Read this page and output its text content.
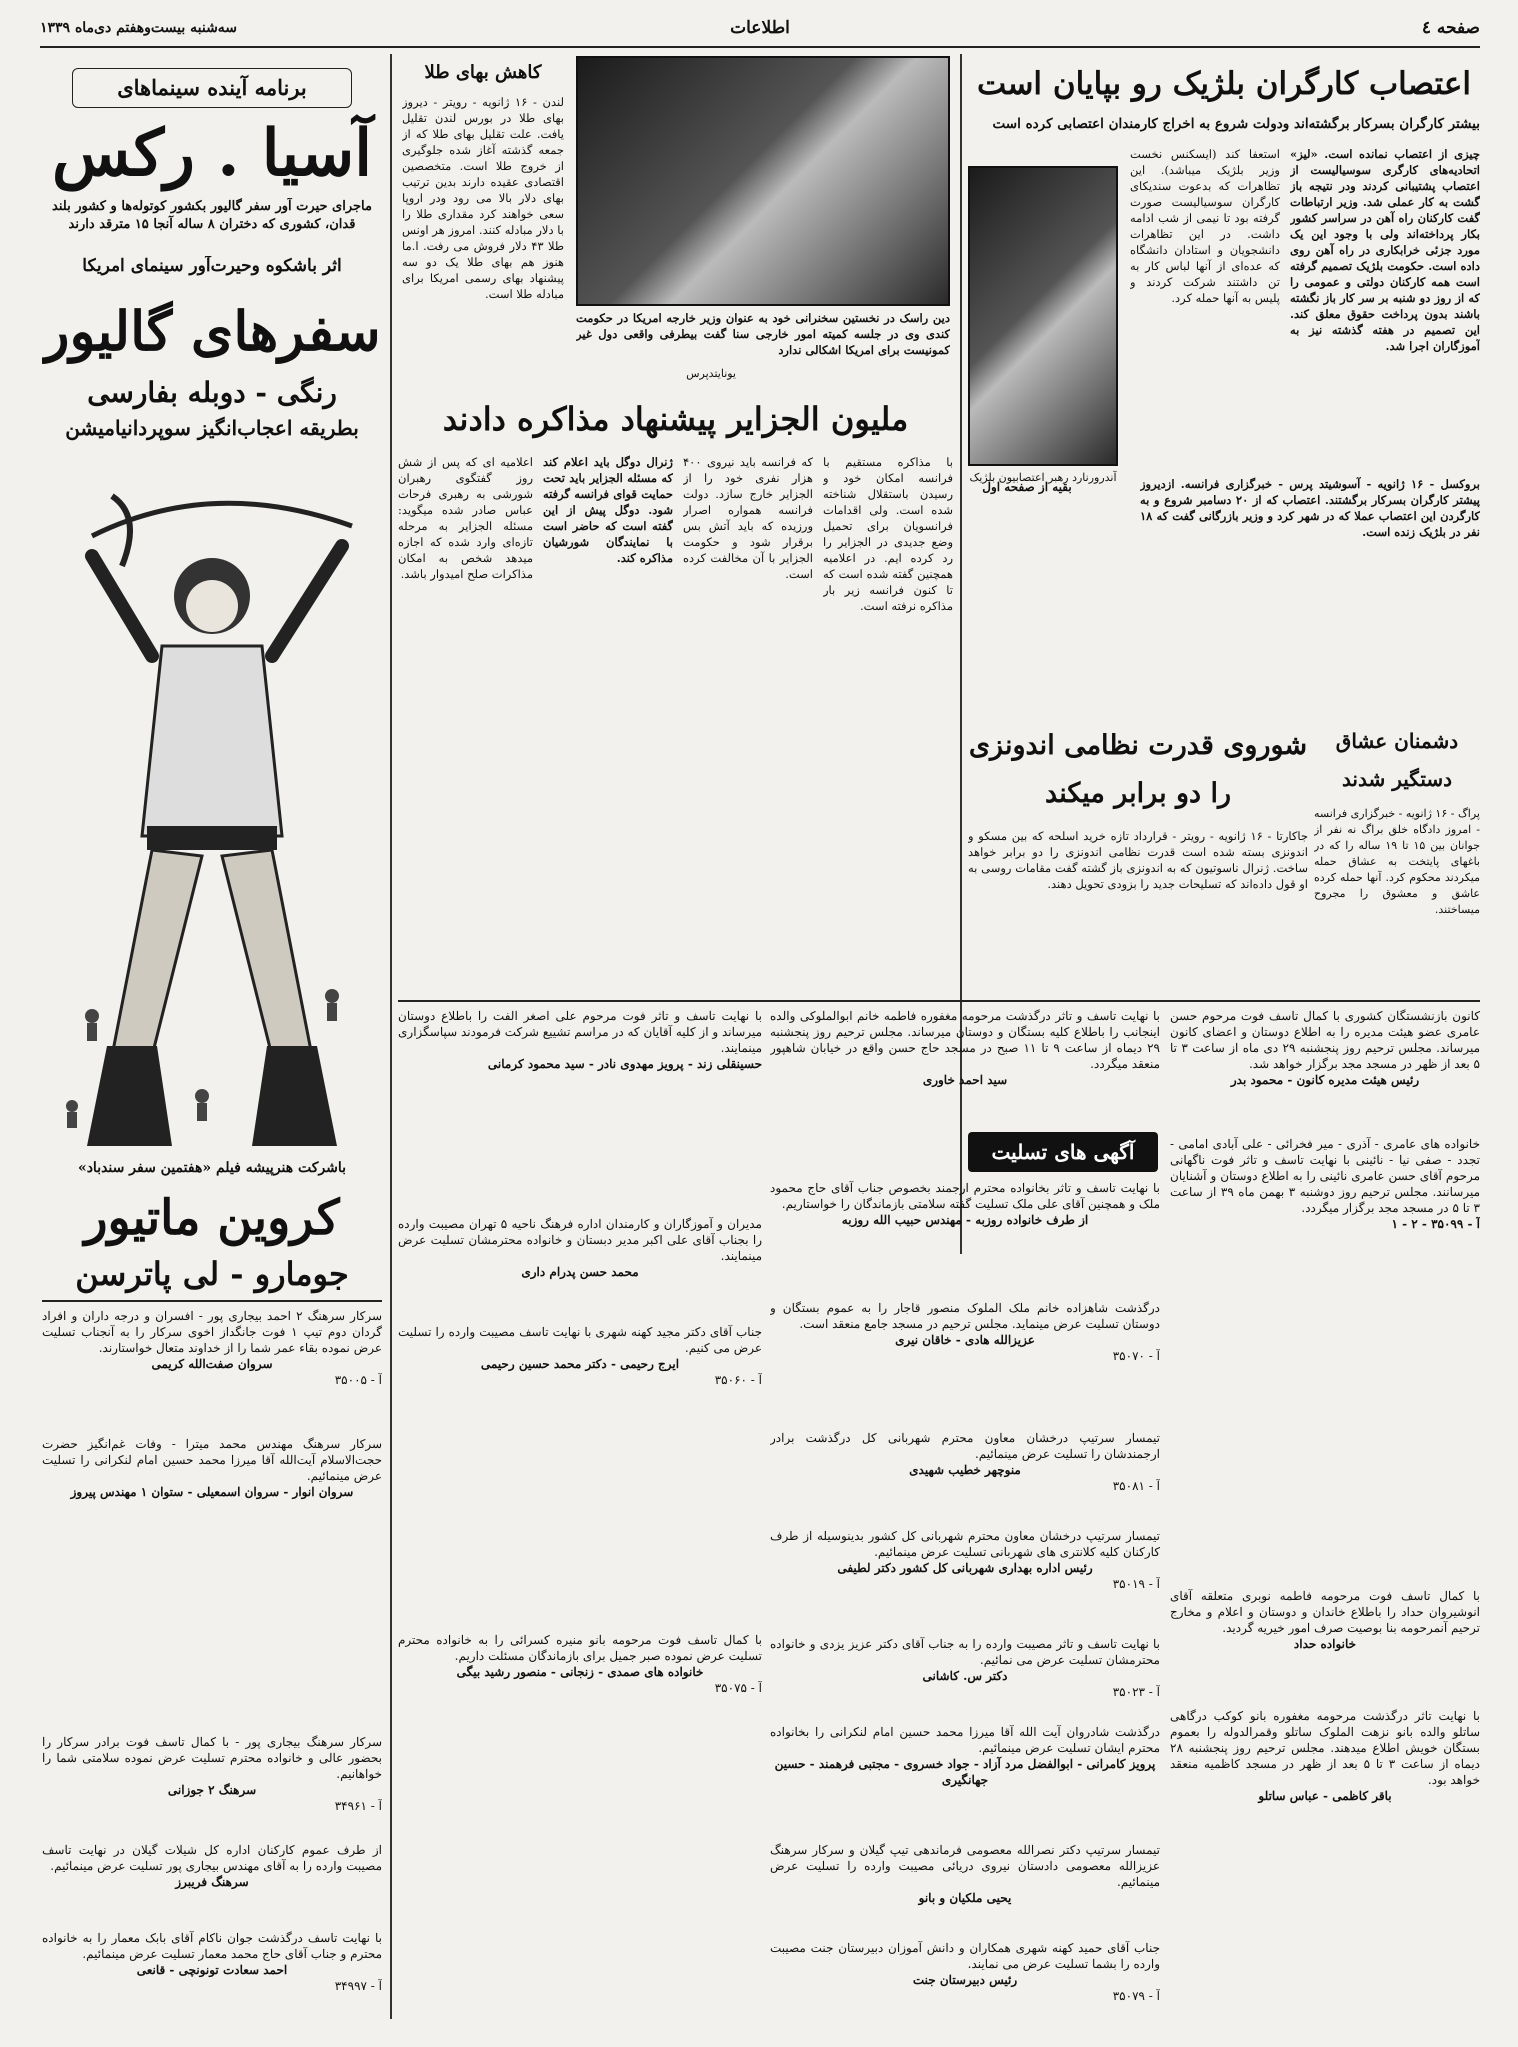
صفحه ٤
اطلاعات
سه‌شنبه بیست‌وهفتم دی‌ماه ۱۳۳۹
برنامه آینده سینماهای
آسیا . رکس
ماجرای حیرت آور سفر گالیور بکشور کوتوله‌ها و کشور بلند قدان، کشوری که دختران ۸ ساله آنجا ۱۵ مترقد دارند
اثر باشکوه وحیرت‌آور سینمای امریکا
سفرهای گالیور
رنگی - دوبله بفارسی
بطریقه اعجاب‌انگیز سوپردانیامیشن
باشرکت هنرپیشه فیلم «هفتمین سفر سندباد»
کروین ماتیور
جومارو - لی پاترسن
کاهش بهای طلا
لندن - ۱۶ ژانویه - رویتر - دیروز بهای طلا در بورس لندن تقلیل یافت. علت تقلیل بهای طلا که از جمعه گذشته آغاز شده جلوگیری از خروج طلا است. متخصصین اقتصادی عقیده دارند بدین ترتیب بهای دلار بالا می رود ودر اروپا سعی خواهند کرد مقداری طلا را با دلار مبادله کنند. امروز هر اونس طلا ۴۳ دلار فروش می رفت. ا.ما هنوز هم بهای طلا یک دو سه پیشنهاد بهای رسمی امریکا برای مبادله طلا است.
دین راسک در نخستین سخنرانی خود به عنوان وزیر خارجه امریکا در حکومت کندی وی در جلسه کمیته امور خارجی سنا گفت بیطرفی واقعی دول غیر کمونیست برای امریکا اشکالی ندارد
یونایتدپرس
اعتصاب کارگران بلژیک رو بپایان است
بیشتر کارگران بسرکار برگشته‌اند ودولت شروع به اخراج کارمندان اعتصابی کرده است
چیزی از اعتصاب نمانده است. «لیز» اتحادیه‌های کارگری سوسیالیست از اعتصاب پشتیبانی کردند ودر نتیجه باز گشت به کار عملی شد. وزیر ارتباطات گفت کارکنان راه آهن در سراسر کشور بکار پرداخته‌اند ولی با وجود این یک مورد جزئی خرابکاری در راه آهن روی داده است. حکومت بلژیک تصمیم گرفته است همه کارکنان دولتی و عمومی را که از روز دو شنبه بر سر کار باز نگشته باشند بدون پرداخت حقوق معلق کند. این تصمیم در هفته گذشته نیز به آموزگاران اجرا شد.
استعفا کند (ایسکنس نخست وزیر بلژیک میباشد). این تظاهرات که بدعوت سندیکای کارگران سوسیالیست صورت گرفته بود تا نیمی از شب ادامه داشت. در این تظاهرات دانشجویان و استادان دانشگاه که عده‌ای از آنها لباس کار به تن داشتند شرکت کردند و پلیس به آنها حمله کرد.
آندرورنارد رهبر اعتصابیون بلژیک بروکسل - ۱۶ ژانویه - آسوشیتد پرس - خبرگزاری فرانسه. ازدیروز پیشتر کارگران بسرکار برگشتند. اعتصاب که از ۲۰ دسامبر شروع و به کارگردن این اعتصاب عملا که در شهر کرد و وزیر بازرگانی گفت که ۱۸ نفر در بلژیک زنده است.
ملیون الجزایر پیشنهاد مذاکره دادند
با مذاکره مستقیم با فرانسه امکان خود و رسیدن باستقلال شناخته شده است. ولی اقدامات فرانسویان برای تحمیل وضع جدیدی در الجزایر را رد کرده ایم. در اعلامیه همچنین گفته شده است که تا کنون فرانسه زیر بار مذاکره نرفته است.
که فرانسه باید نیروی ۴۰۰ هزار نفری خود را از الجزایر خارج سازد. دولت فرانسه همواره اصرار ورزیده که باید آتش بس برقرار شود و حکومت الجزایر با آن مخالفت کرده است.
ژنرال دوگل باید اعلام کند که مسئله الجزایر باید تحت حمایت قوای فرانسه گرفته شود. دوگل پیش از این گفته است که حاضر است با نمایندگان شورشیان مذاکره کند.
اعلامیه ای که پس از شش روز گفتگوی رهبران شورشی به رهبری فرحات عباس صادر شده میگوید: مسئله الجزایر به مرحله تازه‌ای وارد شده که اجازه میدهد شخص به امکان مذاکرات صلح امیدوار باشد.
بقیه از صفحه اول
شوروی قدرت نظامی اندونزی را دو برابر میکند
جاکارتا - ۱۶ ژانویه - رویتر - قرارداد تازه خرید اسلحه که بین مسکو و اندونزی بسته شده است قدرت نظامی اندونزی را دو برابر خواهد ساخت. ژنرال ناسوتیون که به اندونزی باز گشته گفت مقامات روسی به او قول داده‌اند که تسلیحات جدید را بزودی تحویل دهند.
دشمنان عشاق دستگیر شدند
پراگ - ۱۶ ژانویه - خبرگزاری فرانسه - امروز دادگاه خلق براگ نه نفر از جوانان بین ۱۵ تا ۱۹ ساله را که در باغهای پایتخت به عشاق حمله میکردند محکوم کرد. آنها حمله کرده عاشق و معشوق را مجروح میساختند.
آگهی های تسلیت
کانون بازنشستگان کشوری با کمال تاسف فوت مرحوم حسن عامری عضو هیئت مدیره را به اطلاع دوستان و اعضای کانون میرساند. مجلس ترحیم روز پنجشنبه ۲۹ دی ماه از ساعت ۳ تا ۵ بعد از ظهر در مسجد مجد برگزار خواهد شد.
رئیس هیئت مدیره کانون - محمود بدر
خانواده های عامری - آذری - میر فخرائی - علی آبادی امامی - تجدد - صفی نیا - نائینی با نهایت تاسف و تاثر فوت ناگهانی مرحوم آقای حسن عامری نائینی را به اطلاع دوستان و آشنایان میرسانند. مجلس ترحیم روز دوشنبه ۳ بهمن ماه ۳۹ از ساعت ۳ تا ۵ در مسجد مجد برگزار میگردد.
آ - ۳۵۰۹۹ - ۲ - ۱
با کمال تاسف فوت مرحومه فاطمه نوبری متعلقه آقای انوشیروان حداد را باطلاع خاندان و دوستان و اعلام و مخارج ترحیم آنمرحومه بنا بوصیت صرف امور خیریه گردید.
خانواده حداد
با نهایت تاثر درگذشت مرحومه مغفوره بانو کوکب درگاهی ساتلو والده بانو نزهت الملوک ساتلو وقمرالدوله را بعموم بستگان خویش اطلاع میدهند. مجلس ترحیم روز پنجشنبه ۲۸ دیماه از ساعت ۳ تا ۵ بعد از ظهر در مسجد کاظمیه منعقد خواهد بود.
باقر کاظمی - عباس ساتلو
با نهایت تاسف و تاثر درگذشت مرحومه مغفوره فاطمه خانم ابوالملوکی والده اینجانب را باطلاع کلیه بستگان و دوستان میرساند. مجلس ترحیم روز پنجشنبه ۲۹ دیماه از ساعت ۹ تا ۱۱ صبح در مسجد حاج حسن واقع در خیابان شاهپور منعقد میگردد.
سید احمد خاوری
با نهایت تاسف و تاثر فوت مرحوم علی اصغر الفت را باطلاع دوستان میرساند و از کلیه آقایان که در مراسم تشییع شرکت فرمودند سپاسگزاری مینمایند.
حسینقلی زند - پرویز مهدوی نادر - سید محمود کرمانی
با نهایت تاسف و تاثر بخانواده محترم ارجمند بخصوص جناب آقای حاج محمود ملک و همچنین آقای علی ملک تسلیت گفته سلامتی بازماندگان را خواستاریم.
از طرف خانواده روزبه - مهندس حبیب الله روزبه
مدیران و آموزگاران و کارمندان اداره فرهنگ ناحیه ۵ تهران مصیبت وارده را بجناب آقای علی اکبر مدیر دبستان و خانواده محترمشان تسلیت عرض مینمایند.
محمد حسن پدرام داری
درگذشت شاهزاده خانم ملک الملوک منصور قاجار را به عموم بستگان و دوستان تسلیت عرض مینماید. مجلس ترحیم در مسجد جامع منعقد است.
عزیزالله هادی - خاقان نیری
آ - ۳۵۰۷۰
تیمسار سرتیپ درخشان معاون محترم شهربانی کل درگذشت برادر ارجمندشان را تسلیت عرض مینمائیم.
منوچهر خطیب شهیدی
آ - ۳۵۰۸۱
تیمسار سرتیپ درخشان معاون محترم شهربانی کل کشور بدینوسیله از طرف کارکنان کلیه کلانتری های شهربانی تسلیت عرض مینمائیم.
رئیس اداره بهداری شهربانی کل کشور دکتر لطیفی
آ - ۳۵۰۱۹
با نهایت تاسف و تاثر مصیبت وارده را به جناب آقای دکتر عزیز یزدی و خانواده محترمشان تسلیت عرض می نمائیم.
دکتر س. کاشانی
آ - ۳۵۰۲۳
درگذشت شادروان آیت الله آقا میرزا محمد حسین امام لنکرانی را بخانواده محترم ایشان تسلیت عرض مینمائیم.
پرویز کامرانی - ابوالفضل مرد آزاد - جواد خسروی - مجتبی فرهمند - حسین جهانگیری
تیمسار سرتیپ دکتر نصرالله معصومی فرماندهی تیپ گیلان و سرکار سرهنگ عزیزالله معصومی دادستان نیروی دریائی مصیبت وارده را تسلیت عرض مینمائیم.
یحیی ملکیان و بانو
جناب آقای حمید کهنه شهری همکاران و دانش آموزان دبیرستان جنت مصیبت وارده را بشما تسلیت عرض می نمایند.
رئیس دبیرستان جنت
آ - ۳۵۰۷۹
سرکار سرهنگ ۲ احمد بیجاری پور - افسران و درجه داران و افراد گردان دوم تیپ ۱ فوت جانگداز اخوی سرکار را به آنجناب تسلیت عرض نموده بقاء عمر شما را از خداوند متعال خواستارند.
سروان صفت‌الله کریمی
آ - ۳۵۰۰۵
سرکار سرهنگ مهندس محمد میترا - وفات غم‌انگیز حضرت حجت‌الاسلام آیت‌الله آقا میرزا محمد حسین امام لنکرانی را تسلیت عرض مینمائیم.
سروان انوار - سروان اسمعیلی - ستوان ۱ مهندس پیروز
سرکار سرهنگ بیجاری پور - با کمال تاسف فوت برادر سرکار را بحضور عالی و خانواده محترم تسلیت عرض نموده سلامتی شما را خواهانیم.
سرهنگ ۲ جوزانی
آ - ۳۴۹۶۱
از طرف عموم کارکنان اداره کل شیلات گیلان در نهایت تاسف مصیبت وارده را به آقای مهندس بیجاری پور تسلیت عرض مینمائیم.
سرهنگ فریبرز
با نهایت تاسف درگذشت جوان ناکام آقای بابک معمار را به خانواده محترم و جناب آقای حاج محمد معمار تسلیت عرض مینمائیم.
احمد سعادت تونونچی - قانعی
آ - ۳۴۹۹۷
جناب آقای دکتر مجید کهنه شهری با نهایت تاسف مصیبت وارده را تسلیت عرض می کنیم.
ایرج رحیمی - دکتر محمد حسین رحیمی
آ - ۳۵۰۶۰
با کمال تاسف فوت مرحومه بانو منیره کسرائی را به خانواده محترم تسلیت عرض نموده صبر جمیل برای بازماندگان مسئلت داریم.
خانواده های صمدی - زنجانی - منصور رشید بیگی
آ - ۳۵۰۷۵
